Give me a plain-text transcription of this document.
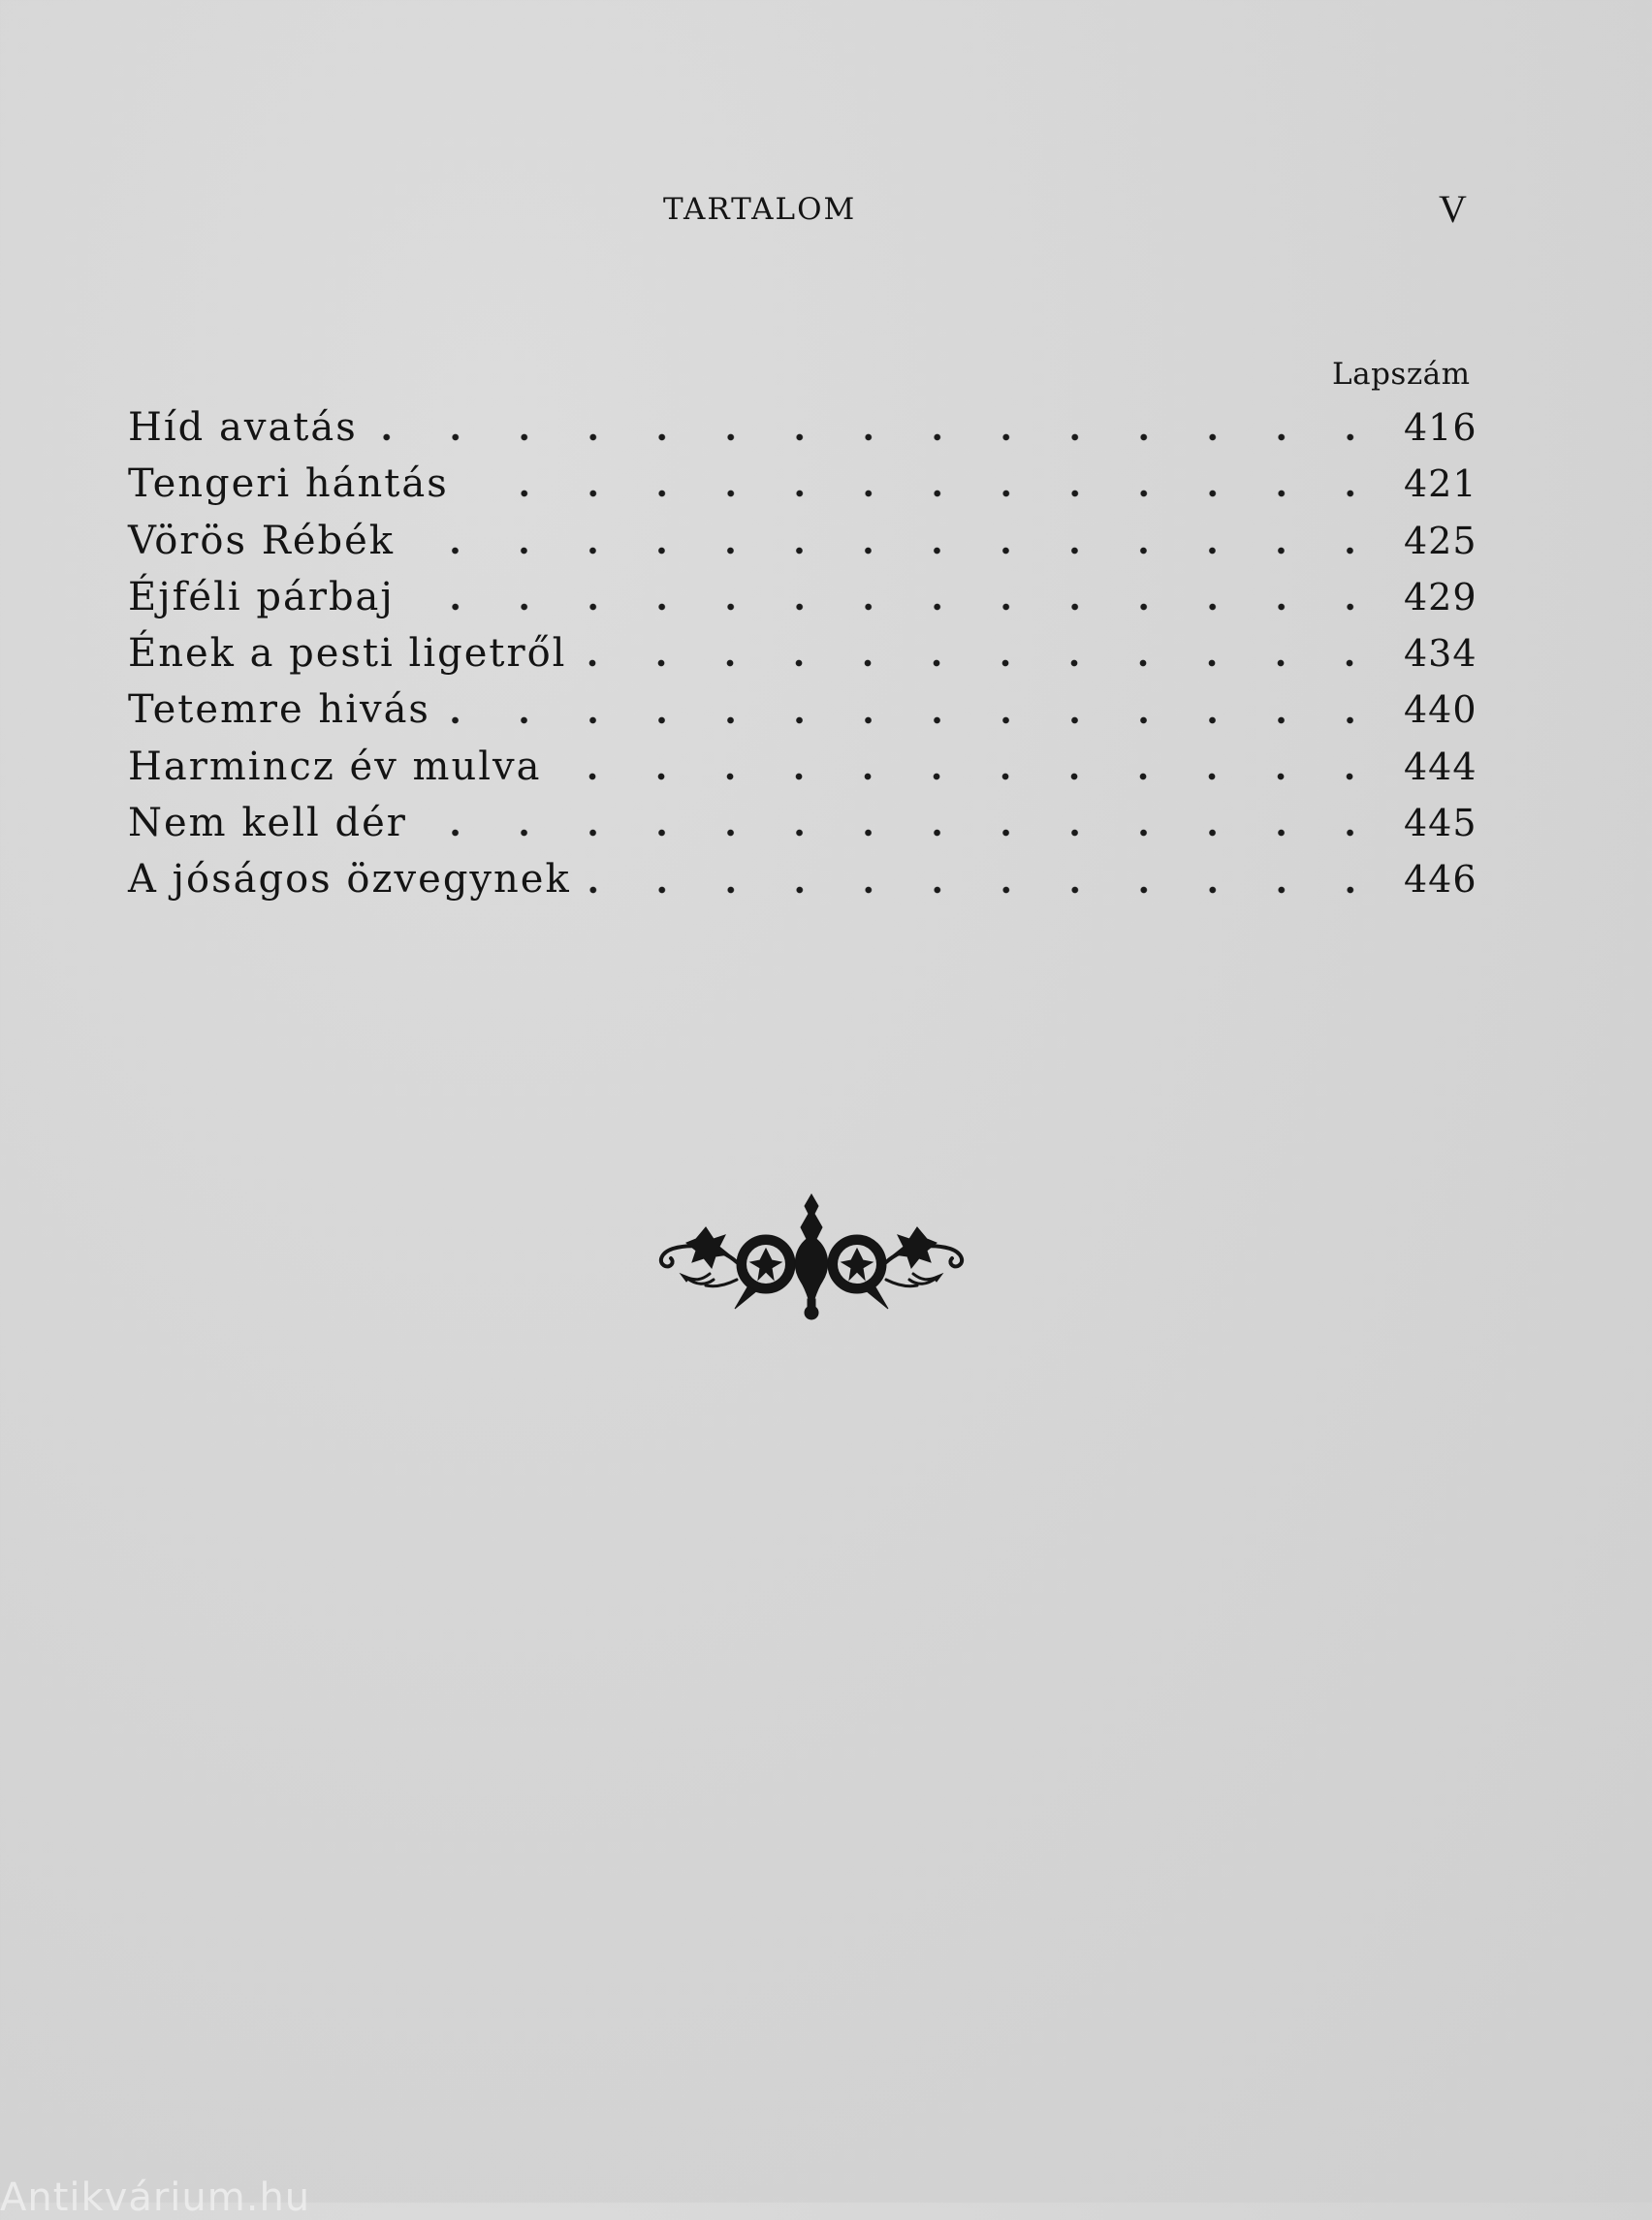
TARTALOM	V
Lapszám
Híd avatás	416
Tengeri hántás	421
Vörös Rébék	425
Éjféli párbaj	429
Ének a pesti ligetről	434
Tetemre hivás	440
Harmincz év mulva	444
Nem kell dér	445
A jóságos özvegynek	446
Antikvárium.hu
